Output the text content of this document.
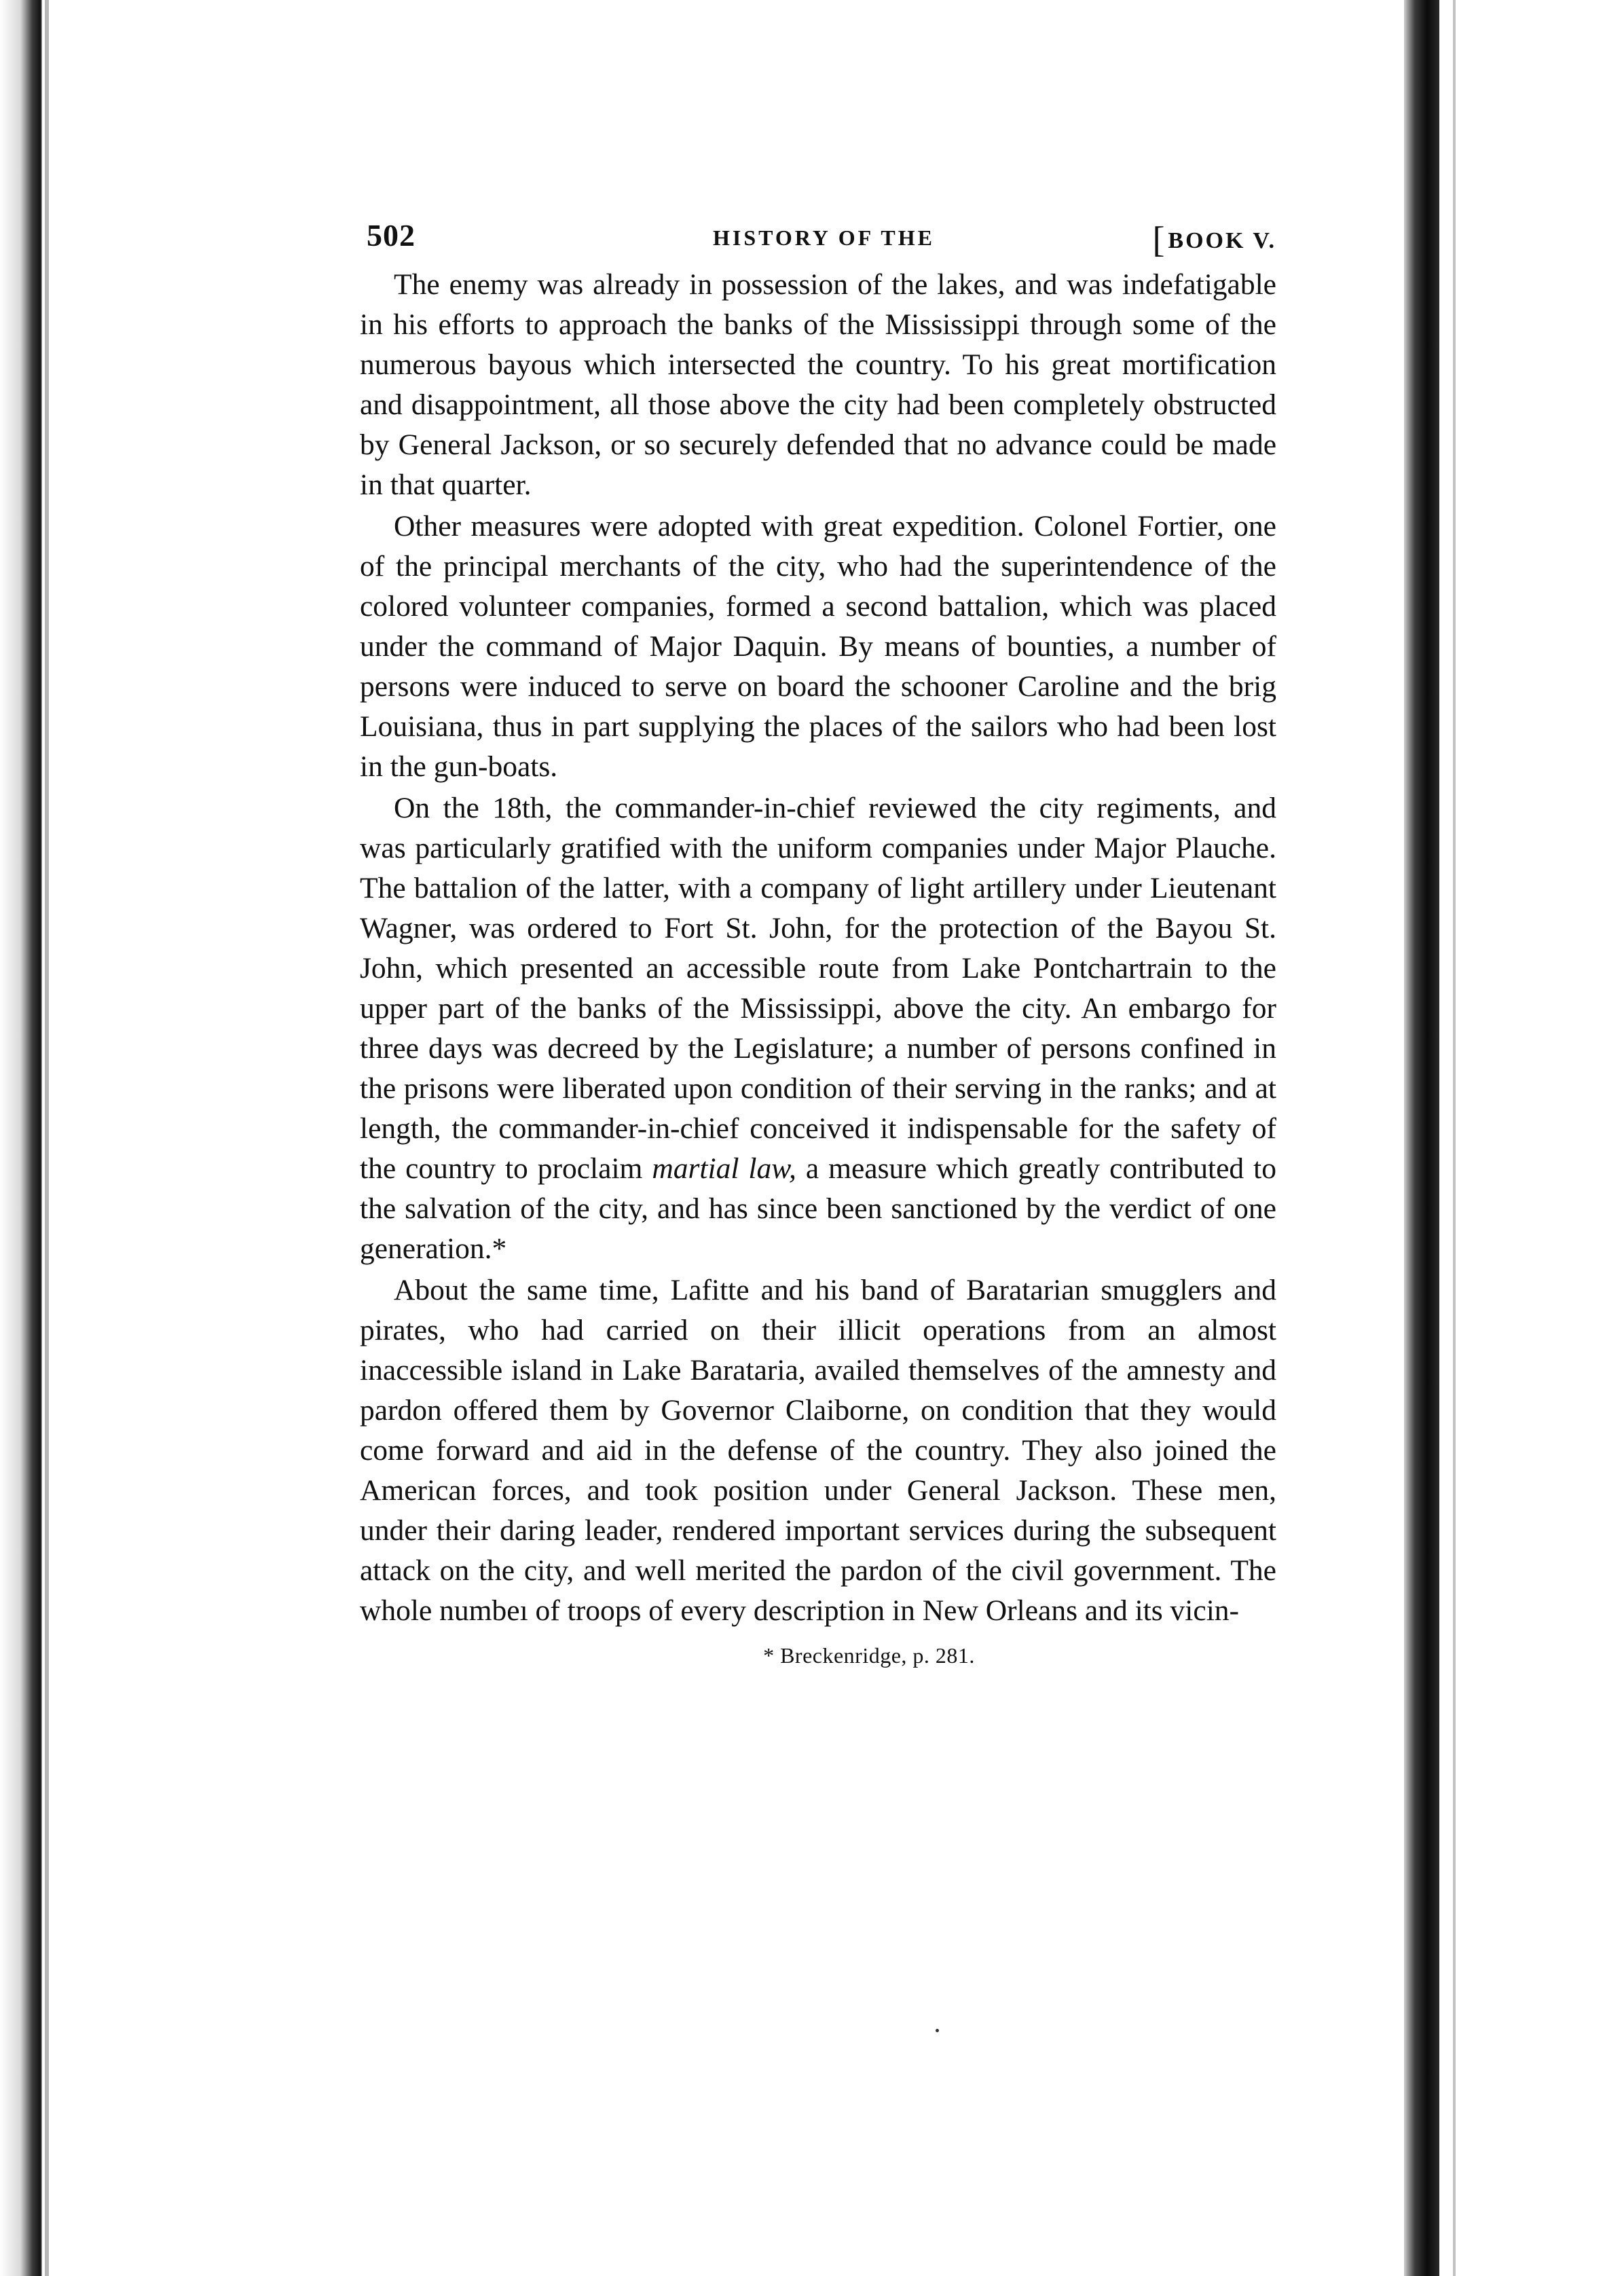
502	HISTORY OF THE	[BOOK V.

The enemy was already in possession of the lakes, and was indefatigable in his efforts to approach the banks of the Mississippi through some of the numerous bayous which intersected the country. To his great mortification and disappointment, all those above the city had been completely obstructed by General Jackson, or so securely defended that no advance could be made in that quarter.

Other measures were adopted with great expedition. Colonel Fortier, one of the principal merchants of the city, who had the superintendence of the colored volunteer companies, formed a second battalion, which was placed under the command of Major Daquin. By means of bounties, a number of persons were induced to serve on board the schooner Caroline and the brig Louisiana, thus in part supplying the places of the sailors who had been lost in the gun-boats.

On the 18th, the commander-in-chief reviewed the city regiments, and was particularly gratified with the uniform companies under Major Plauche. The battalion of the latter, with a company of light artillery under Lieutenant Wagner, was ordered to Fort St. John, for the protection of the Bayou St. John, which presented an accessible route from Lake Pontchartrain to the upper part of the banks of the Mississippi, above the city. An embargo for three days was decreed by the Legislature; a number of persons confined in the prisons were liberated upon condition of their serving in the ranks; and at length, the commander-in-chief conceived it indispensable for the safety of the country to proclaim martial law, a measure which greatly contributed to the salvation of the city, and has since been sanctioned by the verdict of one generation.*

About the same time, Lafitte and his band of Baratarian smugglers and pirates, who had carried on their illicit operations from an almost inaccessible island in Lake Barataria, availed themselves of the amnesty and pardon offered them by Governor Claiborne, on condition that they would come forward and aid in the defense of the country. They also joined the American forces, and took position under General Jackson. These men, under their daring leader, rendered important services during the subsequent attack on the city, and well merited the pardon of the civil government. The whole numbeı of troops of every description in New Orleans and its vicin-

* Breckenridge, p. 281.
